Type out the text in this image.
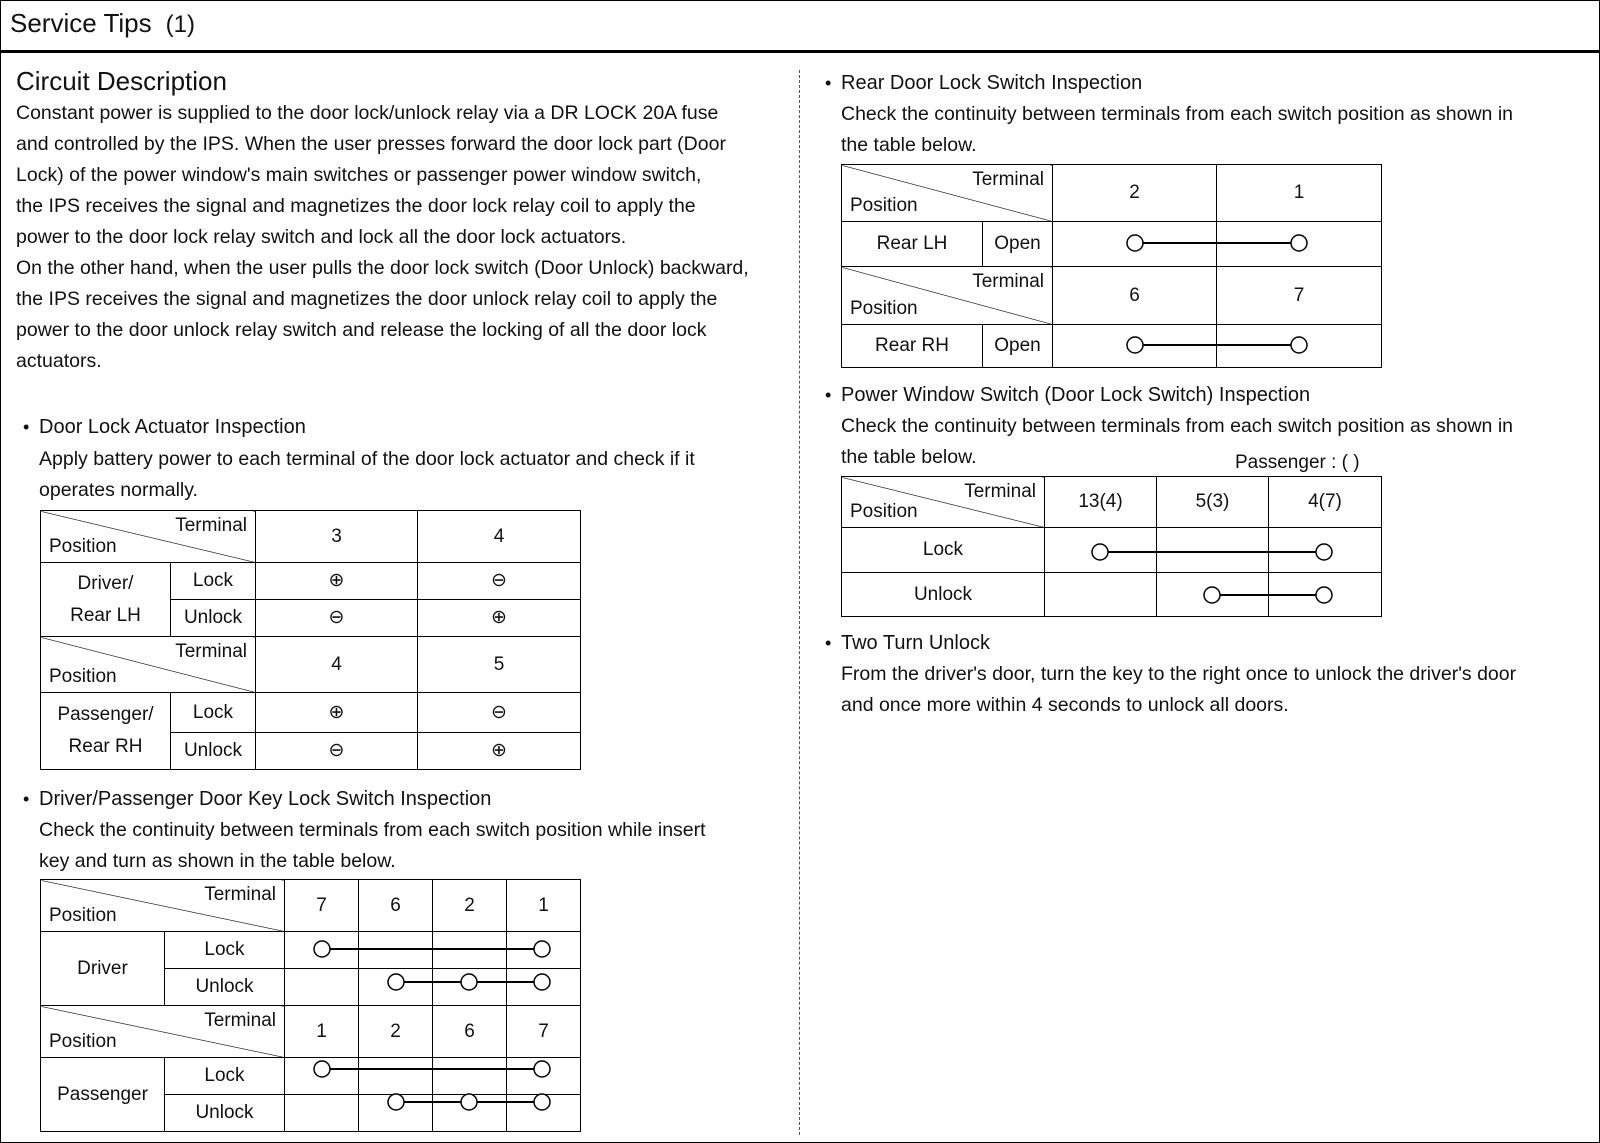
Service Tips (1)
Circuit Description
Constant power is supplied to the door lock/unlock relay via a DR LOCK 20A fuse
and controlled by the IPS. When the user presses forward the door lock part (Door
Lock) of the power window's main switches or passenger power window switch,
the IPS receives the signal and magnetizes the door lock relay coil to apply the
power to the door lock relay switch and lock all the door lock actuators.
On the other hand, when the user pulls the door lock switch (Door Unlock) backward,
the IPS receives the signal and magnetizes the door unlock relay coil to apply the
power to the door unlock relay switch and release the locking of all the door lock
actuators.
• Door Lock Actuator Inspection
Apply battery power to each terminal of the door lock actuator and check if it
operates normally.
Terminal
Position		3	4

Driver/
Rear LH	Lock	⊕	⊖
	Unlock	⊖	⊕

Terminal
Position		4	5

Passenger/
Rear RH	Lock	⊕	⊖
	Unlock	⊖	⊕
• Driver/Passenger Door Key Lock Switch Inspection
Check the continuity between terminals from each switch position while insert
key and turn as shown in the table below.
Terminal
Position		7	6	2	1
Driver	Lock				
	Unlock				

Terminal
Position		1	2	6	7
Passenger	Lock				
	Unlock				
• Rear Door Lock Switch Inspection
Check the continuity between terminals from each switch position as shown in
the table below.
Terminal
Position		2	1
Rear LH	Open		

Terminal
Position		6	7
Rear RH	Open		
• Power Window Switch (Door Lock Switch) Inspection
Check the continuity between terminals from each switch position as shown in
the table below.	Passenger : ( )
Terminal
Position	13(4)	5(3)	4(7)
Lock			
Unlock			
• Two Turn Unlock
From the driver's door, turn the key to the right once to unlock the driver's door
and once more within 4 seconds to unlock all doors.
